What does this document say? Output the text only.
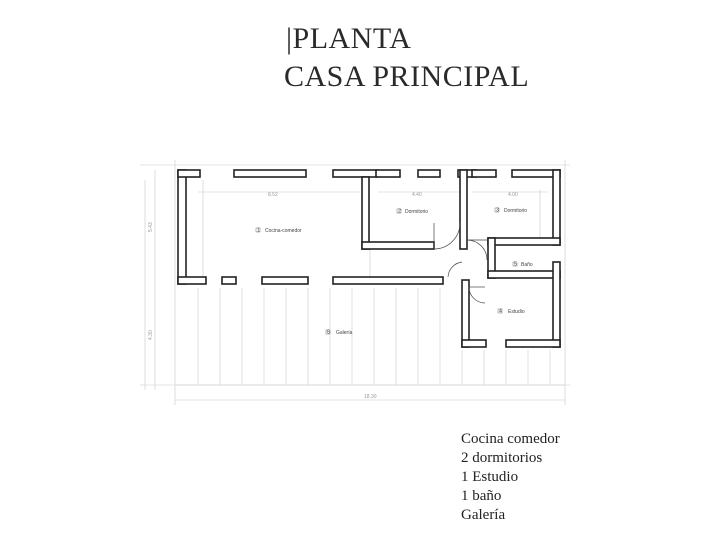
|PLANTA
CASA PRINCIPAL
1 Cocina-comedor
2 Dormitorio	3 Dormitorio
5 Baño
4 Estudio
6 Galería
8.52	4.40	4.00
18.30
5.43
4.30
Cocina comedor
2 dormitorios
1 Estudio
1 baño
Galería
